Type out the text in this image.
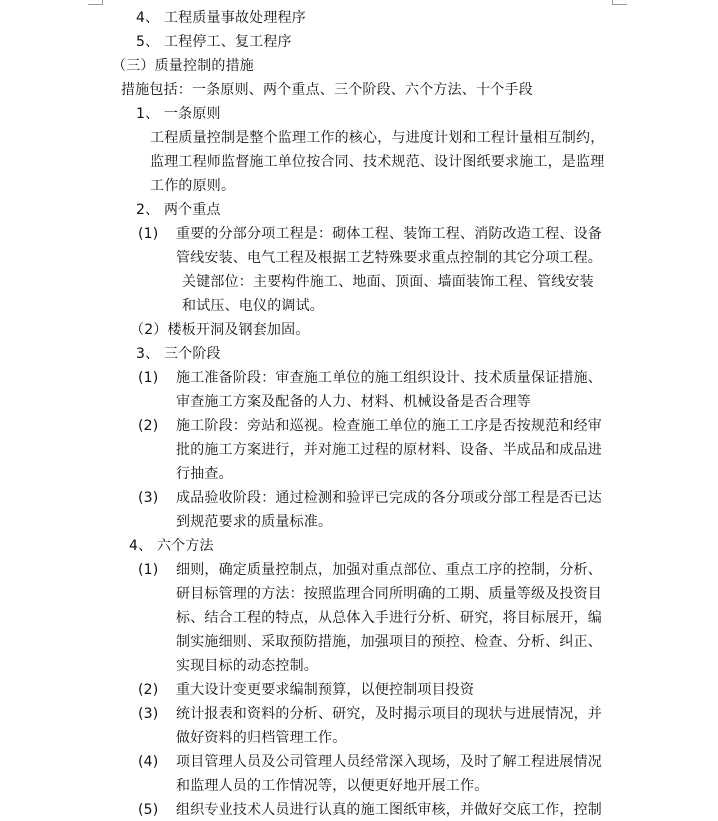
4、 工程质量事故处理程序
5、 工程停工、复工程序
（三）质量控制的措施
措施包括：一条原则、两个重点、三个阶段、六个方法、十个手段
1、 一条原则
工程质量控制是整个监理工作的核心，与进度计划和工程计量相互制约，
监理工程师监督施工单位按合同、技术规范、设计图纸要求施工，是监理
工作的原则。
2、 两个重点
(1) 重要的分部分项工程是：砌体工程、装饰工程、消防改造工程、设备
管线安装、电气工程及根据工艺特殊要求重点控制的其它分项工程。
关键部位：主要构件施工、地面、顶面、墙面装饰工程、管线安装
和试压、电仪的调试。
（2）楼板开洞及钢套加固。
3、 三个阶段
(1) 施工准备阶段：审查施工单位的施工组织设计、技术质量保证措施、
审查施工方案及配备的人力、材料、机械设备是否合理等
(2) 施工阶段：旁站和巡视。检查施工单位的施工工序是否按规范和经审
批的施工方案进行，并对施工过程的原材料、设备、半成品和成品进
行抽查。
(3) 成品验收阶段：通过检测和验评已完成的各分项或分部工程是否已达
到规范要求的质量标准。
4、 六个方法
(1) 细则，确定质量控制点，加强对重点部位、重点工序的控制，分析、
研目标管理的方法：按照监理合同所明确的工期、质量等级及投资目
标、结合工程的特点，从总体入手进行分析、研究，将目标展开，编
制实施细则、采取预防措施，加强项目的预控、检查、分析、纠正、
实现目标的动态控制。
(2) 重大设计变更要求编制预算，以便控制项目投资
(3) 统计报表和资料的分析、研究，及时揭示项目的现状与进展情况，并
做好资料的归档管理工作。
(4) 项目管理人员及公司管理人员经常深入现场，及时了解工程进展情况
和监理人员的工作情况等，以便更好地开展工作。
(5) 组织专业技术人员进行认真的施工图纸审核，并做好交底工作，控制
